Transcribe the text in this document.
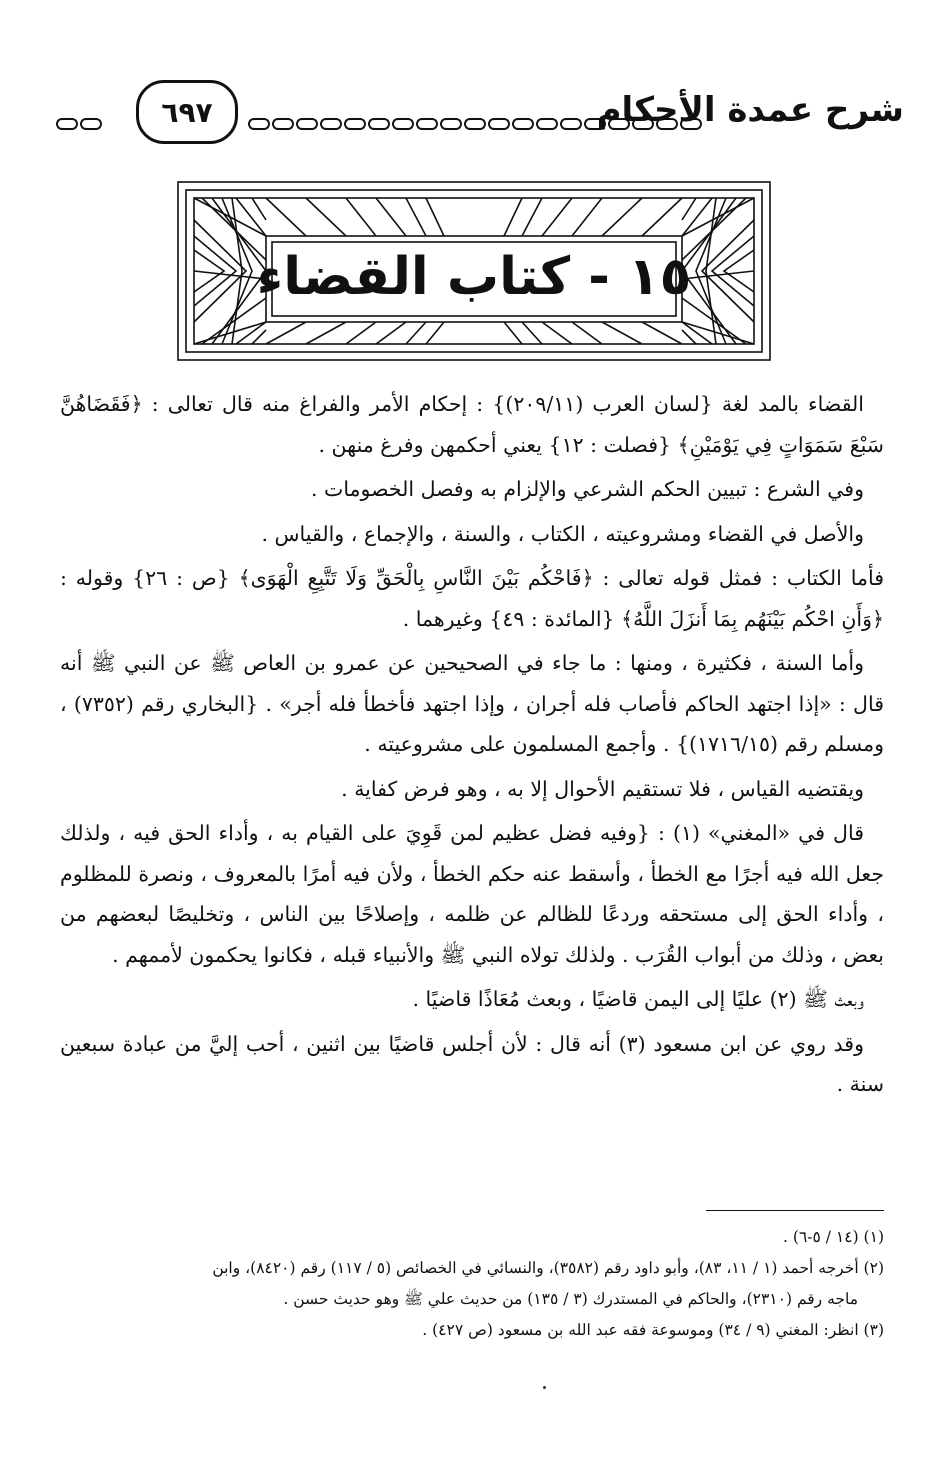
٦٩٧	شرح عمدة الأحكام
١٥ - كتاب القضاء

القضاء بالمد لغة {لسان العرب (٢٠٩/١١)} : إحكام الأمر والفراغ منه قال تعالى : ﴿فَقَضَاهُنَّ سَبْعَ سَمَوَاتٍ فِي يَوْمَيْنِ﴾ {فصلت : ١٢} يعني أحكمهن وفرغ منهن .

وفي الشرع : تبيين الحكم الشرعي والإلزام به وفصل الخصومات .

والأصل في القضاء ومشروعيته ، الكتاب ، والسنة ، والإجماع ، والقياس .

فأما الكتاب : فمثل قوله تعالى : ﴿فَاحْكُم بَيْنَ النَّاسِ بِالْحَقِّ وَلَا تَتَّبِعِ الْهَوَى﴾ {ص : ٢٦} وقوله : ﴿وَأَنِ احْكُم بَيْنَهُم بِمَا أَنزَلَ اللَّهُ﴾ {المائدة : ٤٩} وغيرهما .

وأما السنة ، فكثيرة ، ومنها : ما جاء في الصحيحين عن عمرو بن العاص ﷺ عن النبي ﷺ أنه قال : «إذا اجتهد الحاكم فأصاب فله أجران ، وإذا اجتهد فأخطأ فله أجر» . {البخاري رقم (٧٣٥٢) ، ومسلم رقم (١٧١٦/١٥)} . وأجمع المسلمون على مشروعيته .

ويقتضيه القياس ، فلا تستقيم الأحوال إلا به ، وهو فرض كفاية .

قال في «المغني» (١) : {وفيه فضل عظيم لمن قَوِيَ على القيام به ، وأداء الحق فيه ، ولذلك جعل الله فيه أجرًا مع الخطأ ، وأسقط عنه حكم الخطأ ، ولأن فيه أمرًا بالمعروف ، ونصرة للمظلوم ، وأداء الحق إلى مستحقه وردعًا للظالم عن ظلمه ، وإصلاحًا بين الناس ، وتخليصًا لبعضهم من بعض ، وذلك من أبواب القُرَب . ولذلك تولاه النبي ﷺ والأنبياء قبله ، فكانوا يحكمون لأممهم .

وبعث ﷺ (٢) عليًا إلى اليمن قاضيًا ، وبعث مُعَاذًا قاضيًا .

وقد روي عن ابن مسعود (٣) أنه قال : لأن أجلس قاضيًا بين اثنين ، أحب إليَّ من عبادة سبعين سنة .

(١) (١٤ / ٥-٦) .
(٢) أخرجه أحمد (١ / ١١، ٨٣)، وأبو داود رقم (٣٥٨٢)، والنسائي في الخصائص (٥ / ١١٧) رقم (٨٤٢٠)، وابن
ماجه رقم (٢٣١٠)، والحاكم في المستدرك (٣ / ١٣٥) من حديث علي ﷺ وهو حديث حسن .
(٣) انظر: المغني (٩ / ٣٤) وموسوعة فقه عبد الله بن مسعود (ص ٤٢٧) .
